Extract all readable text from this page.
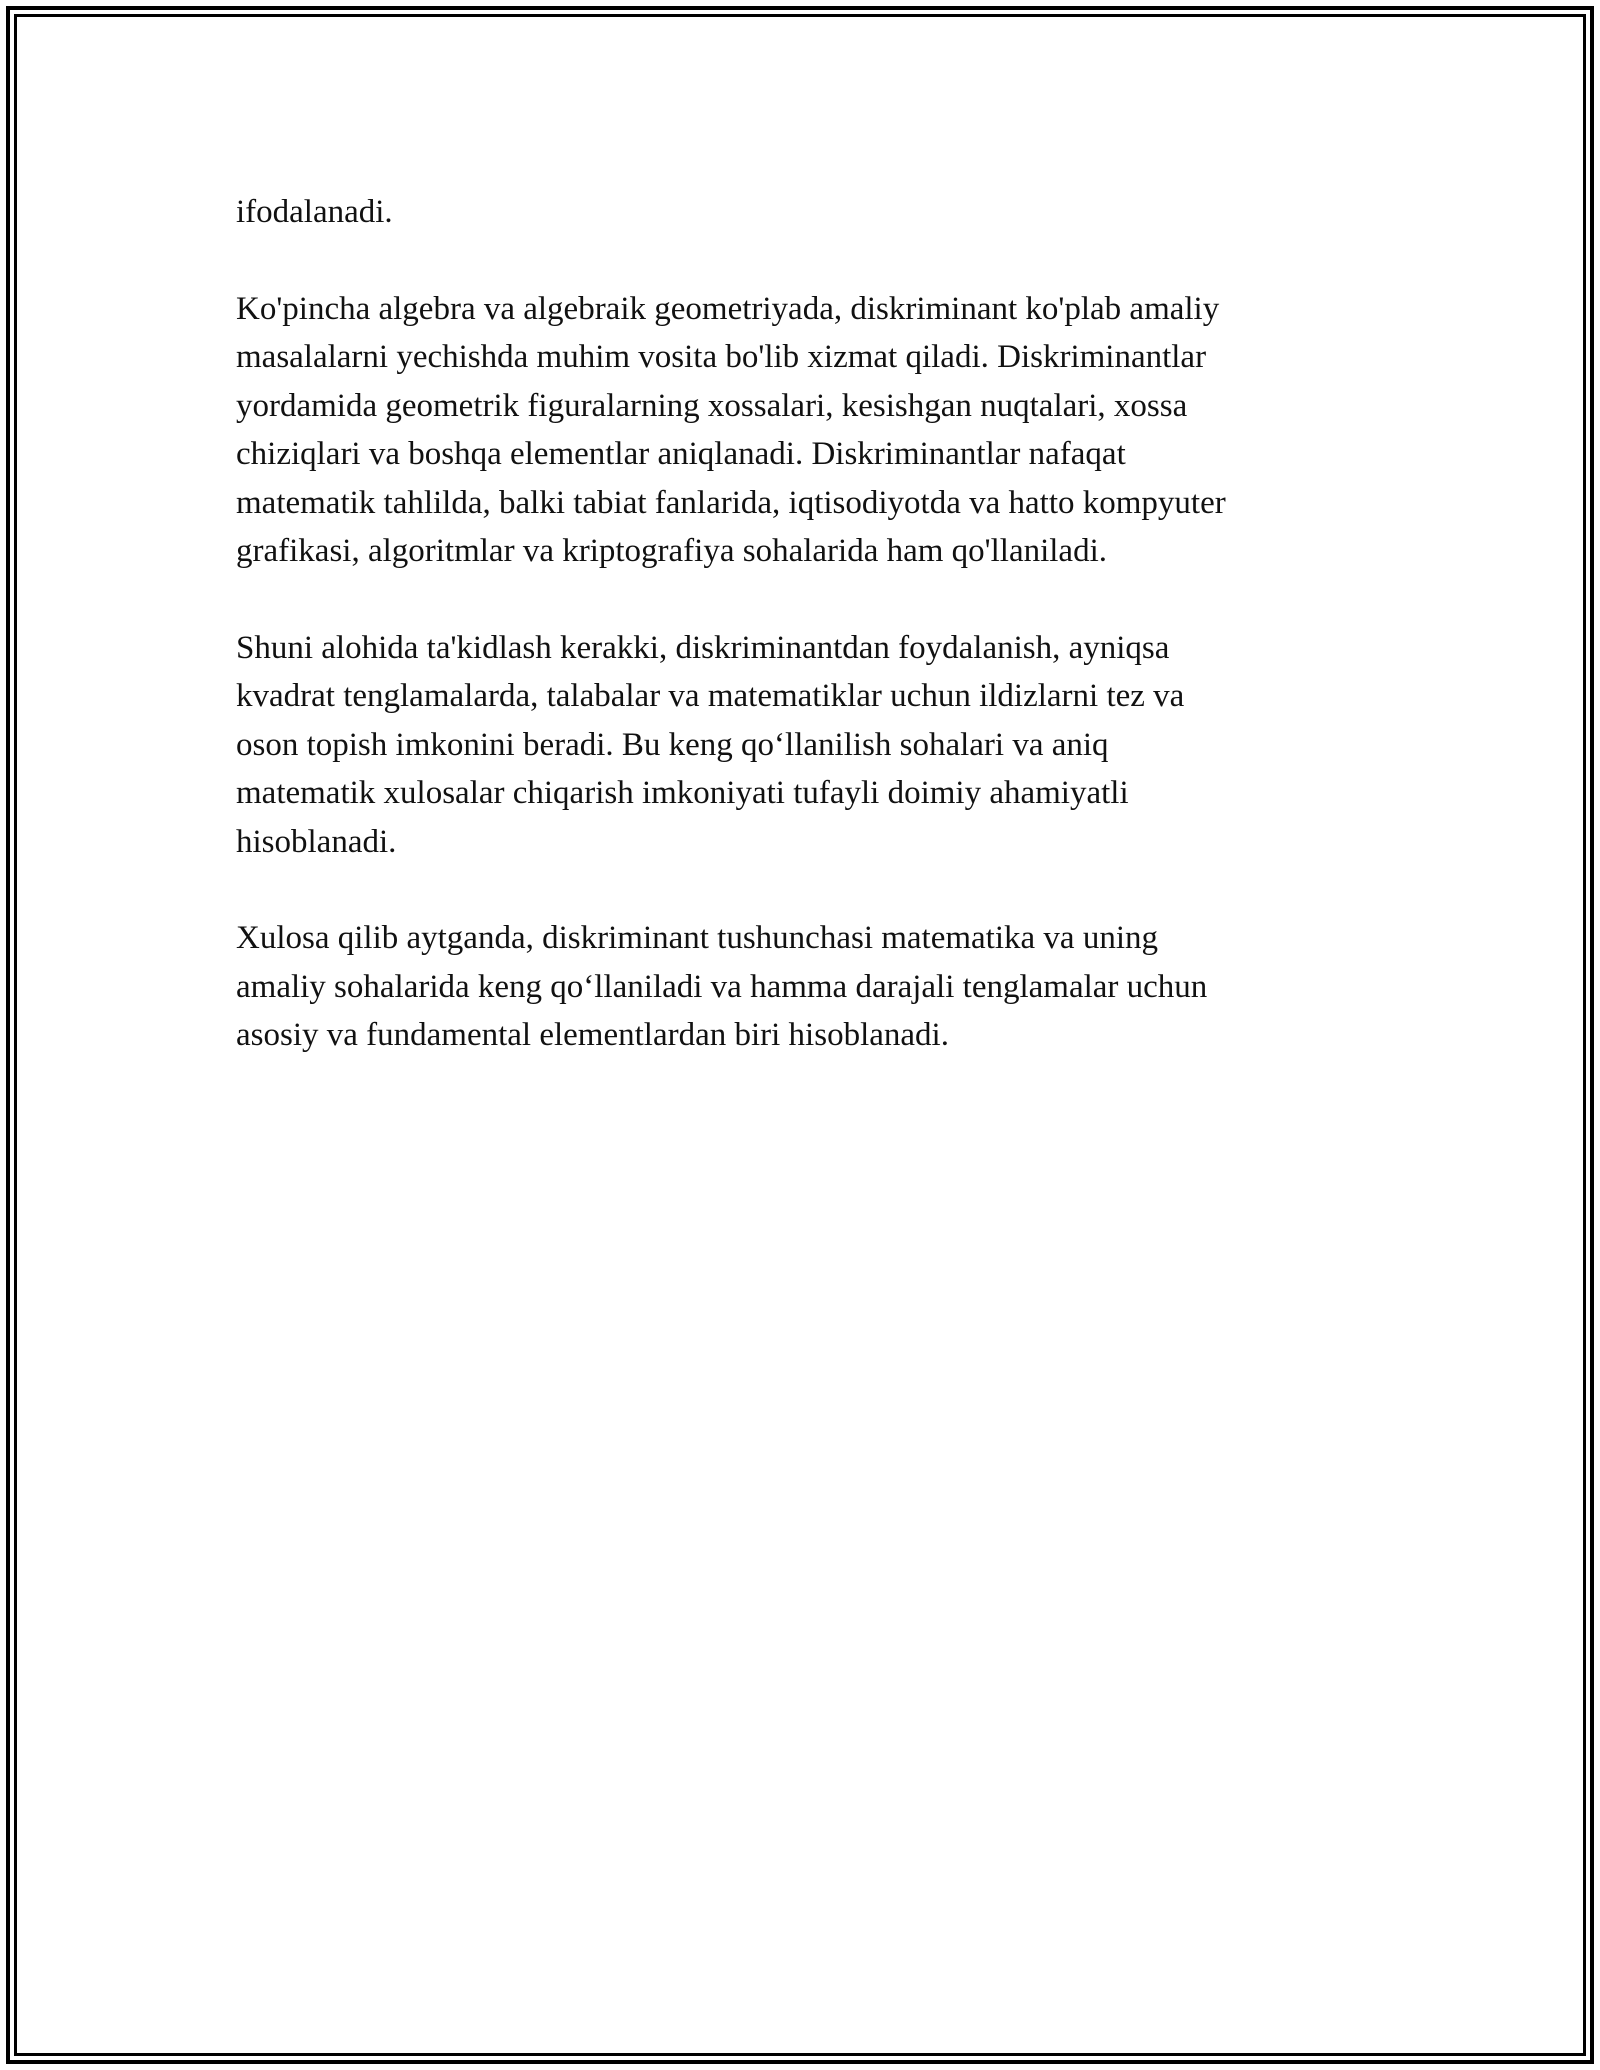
ifodalanadi.

Ko'pincha algebra va algebraik geometriyada, diskriminant ko'plab amaliy
masalalarni yechishda muhim vosita bo'lib xizmat qiladi. Diskriminantlar
yordamida geometrik figuralarning xossalari, kesishgan nuqtalari, xossa
chiziqlari va boshqa elementlar aniqlanadi. Diskriminantlar nafaqat
matematik tahlilda, balki tabiat fanlarida, iqtisodiyotda va hatto kompyuter
grafikasi, algoritmlar va kriptografiya sohalarida ham qo'llaniladi.

Shuni alohida ta'kidlash kerakki, diskriminantdan foydalanish, ayniqsa
kvadrat tenglamalarda, talabalar va matematiklar uchun ildizlarni tez va
oson topish imkonini beradi. Bu keng qo‘llanilish sohalari va aniq
matematik xulosalar chiqarish imkoniyati tufayli doimiy ahamiyatli
hisoblanadi.

Xulosa qilib aytganda, diskriminant tushunchasi matematika va uning
amaliy sohalarida keng qo‘llaniladi va hamma darajali tenglamalar uchun
asosiy va fundamental elementlardan biri hisoblanadi.
